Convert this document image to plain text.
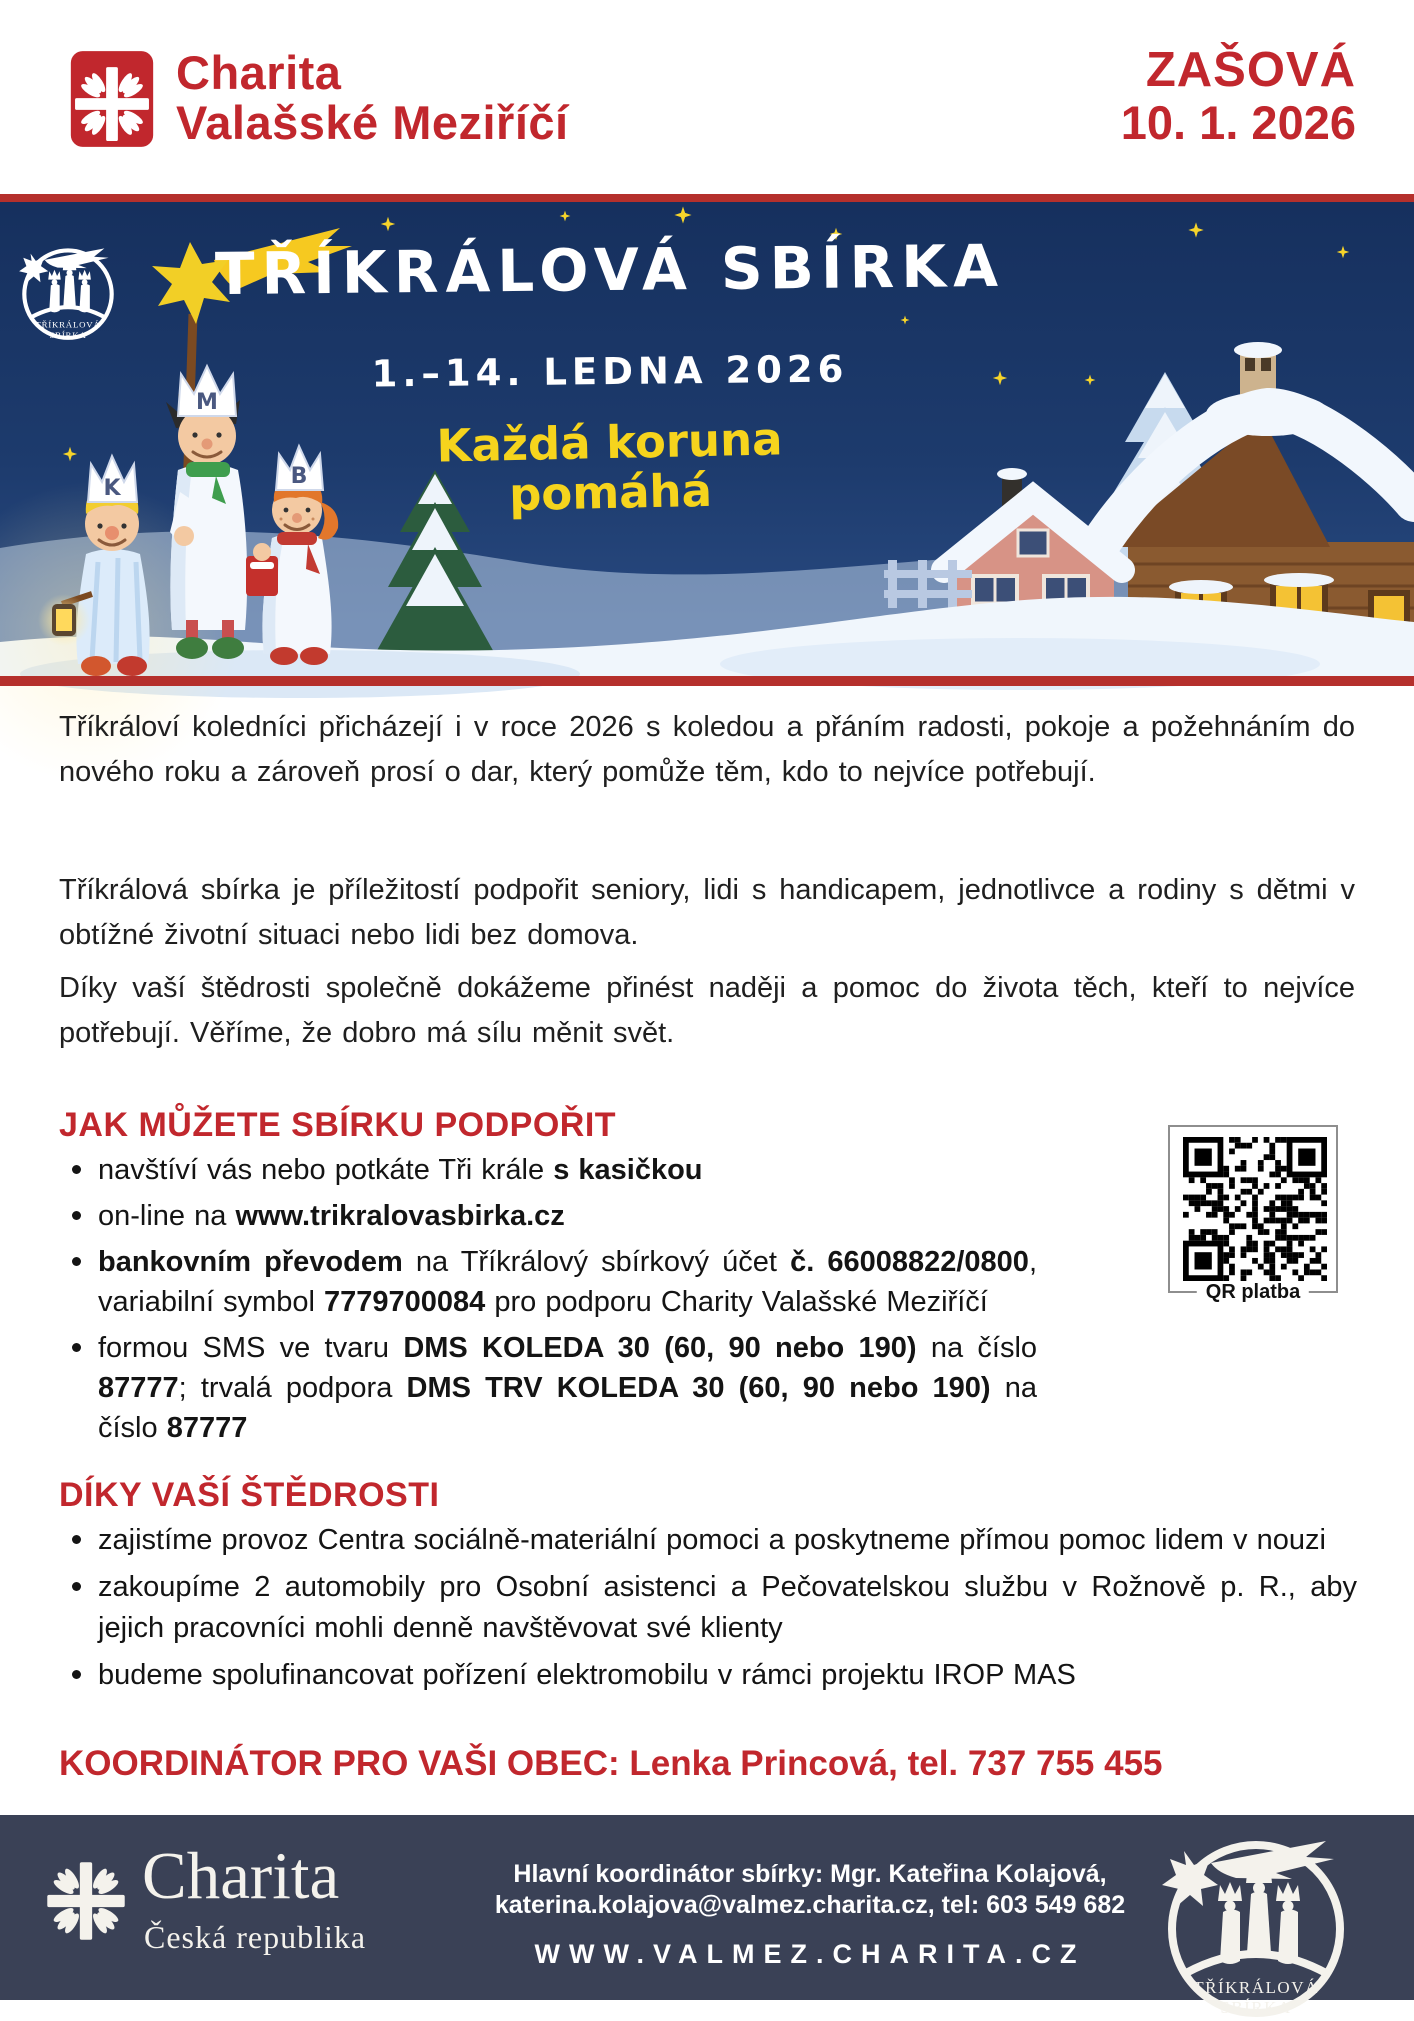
Charita
Valašské Meziříčí
ZAŠOVÁ
10. 1. 2026
TŘÍKRÁLOVÁ
SBÍRKA
K
M
B
TŘÍKRÁLOVÁ SBÍRKA
1.–14. LEDNA 2026
Každá koruna
pomáhá

Tříkráloví koledníci přicházejí i v roce 2026 s koledou a přáním radosti, pokoje a požehnáním do nového roku a zároveň prosí o dar, který pomůže těm, kdo to nejvíce potřebují.

Tříkrálová sbírka je příležitostí podpořit seniory, lidi s handicapem, jednotlivce a rodiny s dětmi v obtížné životní situaci nebo lidi bez domova.

Díky vaší štědrosti společně dokážeme přinést naději a pomoc do života těch, kteří to nejvíce potřebují. Věříme, že dobro má sílu měnit svět.

JAK MŮŽETE SBÍRKU PODPOŘIT
navštíví vás nebo potkáte Tři krále s kasičkou
on-line na www.trikralovasbirka.cz
bankovním převodem na Tříkrálový sbírkový účet č. 66008822/0800, variabilní symbol 7779700084 pro podporu Charity Valašské Meziříčí
formou SMS ve tvaru DMS KOLEDA 30 (60, 90 nebo 190) na číslo 87777; trvalá podpora DMS TRV KOLEDA 30 (60, 90 nebo 190) na číslo 87777
QR platba
DÍKY VAŠÍ ŠTĚDROSTI
zajistíme provoz Centra sociálně-materiální pomoci a poskytneme přímou pomoc lidem v nouzi
zakoupíme 2 automobily pro Osobní asistenci a Pečovatelskou službu v Rožnově p. R., aby jejich pracovníci mohli denně navštěvovat své klienty
budeme spolufinancovat pořízení elektromobilu v rámci projektu IROP MAS
KOORDINÁTOR PRO VAŠI OBEC: Lenka Princová, tel. 737 755 455
Charita
Česká republika
Hlavní koordinátor sbírky: Mgr. Kateřina Kolajová,
katerina.kolajova@valmez.charita.cz, tel: 603 549 682
WWW.VALMEZ.CHARITA.CZ
TŘÍKRÁLOVÁ
SBÍRKA
